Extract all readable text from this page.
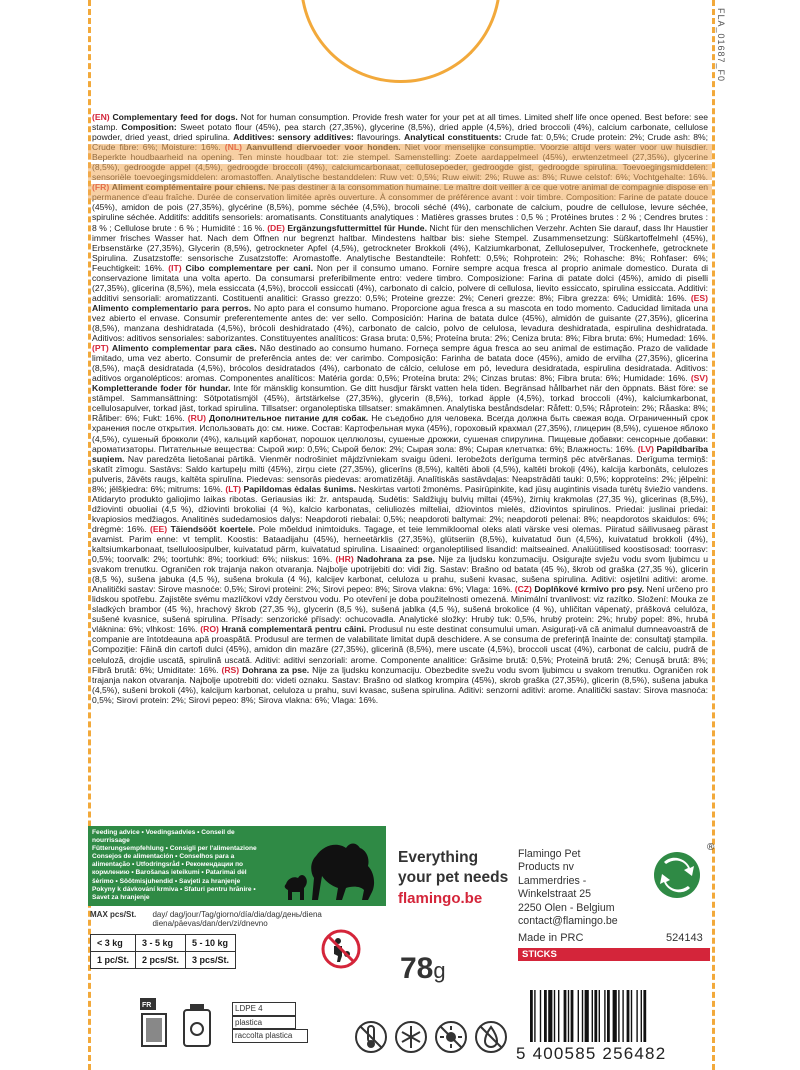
FLA_01687_F0

(EN) Complementary feed for dogs. Not for human consumption. Provide fresh water for your pet at all times. Limited shelf life once opened. Best before: see stamp. Composition: Sweet potato flour (45%), pea starch (27,35%), glycerine (8,5%), dried apple (4,5%), dried broccoli (4%), calcium carbonate, cellulose powder, dried yeast, dried spirulina. Additives: sensory additives: flavourings. Analytical constituents: Crude fat: 0,5%; Crude protein: 2%; Crude ash: 8%; (45%), amidon de pois (27,35%), glycérine (8,5%), pomme séchée (4,5%), brocoli séché (4%), carbonate de calcium, poudre de cellulose, levure séchée, spiruline séchée. Additifs: additifs sensoriels: aromatisants. Constituants analytiques : Matières grasses brutes : 0,5 % ; Protéines brutes : 2 % ; Cendres brutes : 8 % ; Cellulose brute : 6 % ; Humidité : 16 %. (DE) Ergänzungsfuttermittel für Hunde. Nicht für den menschlichen Verzehr. Achten Sie darauf, dass Ihr Haustier immer frisches Wasser hat. Nach dem Öffnen nur begrenzt haltbar. Mindestens haltbar bis: siehe Stempel. Zusammensetzung: Süßkartoffelmehl (45%), Erbsenstärke (27,35%), Glycerin (8,5%), getrockneter Apfel (4,5%), getrockneter Brokkoli (4%), Kalziumkarbonat, Zellulosepulver, Trockenhefe, getrocknete Spirulina. Zusatzstoffe: sensorische Zusatzstoffe: Aromastoffe. Analytische Bestandteile: Rohfett: 0,5%; Rohprotein: 2%; Rohasche: 8%; Rohfaser: 6%; Feuchtigkeit: 16%. (IT) Cibo complementare per cani. Non per il consumo umano. Fornire sempre acqua fresca al proprio animale domestico. Durata di conservazione limitata una volta aperto. Da consumarsi preferibilmente entro: vedere timbro. Composizione: Farina di patate dolci (45%), amido di piselli (27,35%), glicerina (8,5%), mela essiccata (4,5%), broccoli essiccati (4%), carbonato di calcio, polvere di cellulosa, lievito essiccato, spirulina essiccata. Additivi: additivi sensoriali: aromatizzanti. Costituenti analitici: Grasso grezzo: 0,5%; Proteine grezze: 2%; Ceneri grezze: 8%; Fibra grezza: 6%; Umidità: 16%. (ES) Alimento complementario para perros. No apto para el consumo humano. Proporcione agua fresca a su mascota en todo momento. Caducidad limitada una vez abierto el envase. Consumir preferentemente antes de: ver sello. Composición: Harina de batata dulce (45%), almidón de guisante (27,35%), glicerina (8,5%), manzana deshidratada (4,5%), brócoli deshidratado (4%), carbonato de calcio, polvo de celulosa, levadura deshidratada, espirulina deshidratada. Aditivos: aditivos sensoriales: saborizantes. Constituyentes analíticos: Grasa bruta: 0,5%; Proteína bruta: 2%; Ceniza bruta: 8%; Fibra bruta: 6%; Humedad: 16%. (PT) Alimento complementar para cães. Não destinado ao consumo humano. Forneça sempre água fresca ao seu animal de estimação. Prazo de validade limitado, uma vez aberto. Consumir de preferência antes de: ver carimbo. Composição: Farinha de batata doce (45%), amido de ervilha (27,35%), glicerina (8,5%), maçã desidratada (4,5%), brócolos desidratados (4%), carbonato de cálcio, celulose em pó, levedura desidratada, espirulina desidratada. Aditivos: aditivos organolépticos: aromas. Componentes analíticos: Matéria gorda: 0,5%; Proteína bruta: 2%; Cinzas brutas: 8%; Fibra bruta: 6%; Humidade: 16%. (SV) Kompletterande foder för hundar. Inte för mänsklig konsumtion. Ge ditt husdjur färskt vatten hela tiden. Begränsad hållbarhet när den öppnats. Bäst före: se stämpel. Sammansättning: Sötpotatismjöl (45%), ärtstärkelse (27,35%), glycerin (8,5%), torkad äpple (4,5%), torkad broccoli (4%), kalciumkarbonat, cellulosapulver, torkad jäst, torkad spirulina. Tillsatser: organoleptiska tillsatser: smakämnen. Analytiska beståndsdelar: Råfett: 0,5%; Råprotein: 2%; Råaska: 8%; Råfiber: 6%; Fukt: 16%. (RU) Дополнительное питание для собак. Не съедобно для человека. Всегда должна быть свежая вода. Ограниченный срок хранения после открытия. Использовать до: см. ниже. Состав: Картофельная мука (45%), гороховый крахмал (27,35%), глицерин (8,5%), сушеное яблоко (4,5%), сушеный брокколи (4%), кальций карбонат, порошок целлюлозы, сушеные дрожжи, сушеная спирулина. Пищевые добавки: сенсорные добавки: ароматизаторы. Питательные вещества: Сырой жир: 0,5%; Сырой белок: 2%; Сырая зола: 8%; Сырая клетчатка: 6%; Влажность: 16%. (LV) Papildbarība suņiem. Nav paredzēta lietošanai pārtikā. Vienmēr nodrošiniet mājdzīvniekam svaigu ūdeni. Ierobežots derīguma termiņš pēc atvēršanas. Derīguma termiņš: skatīt zīmogu. Sastāvs: Saldo kartupeļu milti (45%), zirņu ciete (27,35%), glicerīns (8,5%), kaltēti āboli (4,5%), kaltēti brokoļi (4%), kalcija karbonāts, celulozes pulveris, žāvēts raugs, kaltēta spirulīna. Piedevas: sensorās piedevas: aromatizētāji. Analītiskās sastāvdaļas: Neapstrādāti tauki: 0,5%; kopproteīns: 2%; jēlpelni: 8%; jēlšķiedra: 6%; mitrums: 16%. (LT) Papildomas ėdalas šunims. Neskirtas vartoti žmonėms. Pasirūpinkite, kad jūsų augintinis visada turėtų šviežio vandens. Atidaryto produkto galiojimo laikas ribotas. Geriausias iki: žr. antspaudą. Sudėtis: Saldžiųjų bulvių miltai (45%), žirnių krakmolas (27,35 %), glicerinas (8,5%), džiovinti obuoliai (4,5 %), džiovinti brokoliai (4 %), kalcio karbonatas, celiuliozės milteliai, džiovintos mielės, džiovintos spirulinos. Priedai: juslinai priedai: kvapiosios medžiagos. Analitinės sudedamosios dalys: Neapdoroti riebalai: 0,5%; neapdoroti baltymai: 2%; neapdoroti pelenai: 8%; neapdorotos skaidulos: 6%; drėgmė: 16%. (EE) Täiendsööt koertele. Pole mõeldud inimtoiduks. Tagage, et teie lemmikloomal oleks alati värske vesi olemas. Piiratud säilivusaeg pärast avamist. Parim enne: vt templit. Koostis: Bataadijahu (45%), herneetärklis (27,35%), glütseriin (8,5%), kuivatatud õun (4,5%), kuivatatud brokkoli (4%), kaltsiumkarbonaat, tselluloosipulber, kuivatatud pärm, kuivatatud spirulina. Lisaained: organoleptilised lisandid: maitseained. Analüütilised koostisosad: toorrasv: 0,5%; toorvalk: 2%; toortuhk: 8%; toorkiud: 6%; niiskus: 16%. (HR) Nadohrana za pse. Nije za ljudsku konzumaciju. Osigurajte svježu vodu svom ljubimcu u svakom trenutku. Ograničen rok trajanja nakon otvaranja. Najbolje upotrijebiti do: vidi žig. Sastav: Brašno od batata (45 %), škrob od graška (27,35 %), glicerin (8,5 %), sušena jabuka (4,5 %), sušena brokula (4 %), kalcijev karbonat, celuloza u prahu, sušeni kvasac, sušena spirulina. Aditivi: osjetilni aditivi: arome. Analitički sastav: Sirove masnoće: 0,5%; Sirovi proteini: 2%; Sirovi pepeo: 8%; Sirova vlakna: 6%; Vlaga: 16%. (CZ) Doplňkové krmivo pro psy. Není určeno pro lidskou spotřebu. Zajistěte svému mazlíčkovi vždy čerstvou vodu. Po otevření je doba použitelnosti omezená. Minimální trvanlivost: viz razítko. Složení: Mouka ze sladkých brambor (45 %), hrachový škrob (27,35 %), glycerin (8,5 %), sušená jablka (4,5 %), sušená brokolice (4 %), uhličitan vápenatý, prášková celulóza, sušené kvasnice, sušená spirulina. Přísady: senzorické přísady: ochucovadla. Analytické složky: Hrubý tuk: 0,5%, hrubý protein: 2%; hrubý popel: 8%, hrubá vláknina: 6%; vlhkost: 16%. (RO) Hrană complementară pentru câini. Produsul nu este destinat consumului uman. Asigurați-vă că animalul dumneavoastră de companie are întotdeauna apă proaspătă. Produsul are termen de valabilitate limitat după deschidere. A se consuma de preferință înainte de: consultați ștampila. Compoziție: Făină din cartofi dulci (45%), amidon din mazăre (27,35%), glicerină (8,5%), mere uscate (4,5%), broccoli uscat (4%), carbonat de calciu, pudră de celuloză, drojdie uscată, spirulină uscată. Aditivi: aditivi senzoriali: arome. Componente analitice: Grăsime brută: 0,5%; Proteină brută: 2%; Cenușă brută: 8%; Fibră brută: 6%; Umiditate: 16%. (RS) Dohrana za pse. Nije za ljudsku konzumaciju. Obezbedite svežu vodu svom ljubimcu u svakom trenutku. Ograničen rok trajanja nakon otvaranja. Najbolje upotrebiti do: videti oznaku. Sastav: Brašno od slatkog krompira (45%), skrob graška (27,35%), glicerin (8,5%), sušena jabuka (4,5%), sušeni brokoli (4%), kalcijum karbonat, celuloza u prahu, suvi kvasac, sušena spirulina. Aditivi: senzorni aditivi: arome. Analitički sastav: Sirova masnoća: 0,5%; Sirovi protein: 2%; Sirovi pepeo: 8%; Sirova vlakna: 6%; Vlaga: 16%.

Feeding advice • Voedingsadvies • Conseil de nourrissage
Fütterungsempfehlung • Consigli per l'alimentazione
Consejos de alimentación • Conselhos para a
alimentação • Utfodringsråd • Рекомендации по
кормлению • Barošanas ieteikumi • Patarimai dėl
šėrimo • Söötmisjuhendid • Savjeti za hranjenje
Pokyny k dávkování krmiva • Sfaturi pentru hrănire • Savet za hranjenje
MAX pcs/St. day/ dag/jour/Tag/giorno/día/dia/dag/день/diena diena/päevas/dan/den/zi/dnevno
< 3 kg	3 - 5 kg	5 - 10 kg
1 pc/St.	2 pcs/St.	3 pcs/St.
Everything
your pet needs
flamingo.be
Flamingo Pet
Products nv
Lammerdries -
Winkelstraat 25
2250 Olen - Belgium
contact@flamingo.be
®
Made in PRC	524143
STICKS
78g
FR	LDPE 4
plastica
raccolta plastica
5 400585 256482
